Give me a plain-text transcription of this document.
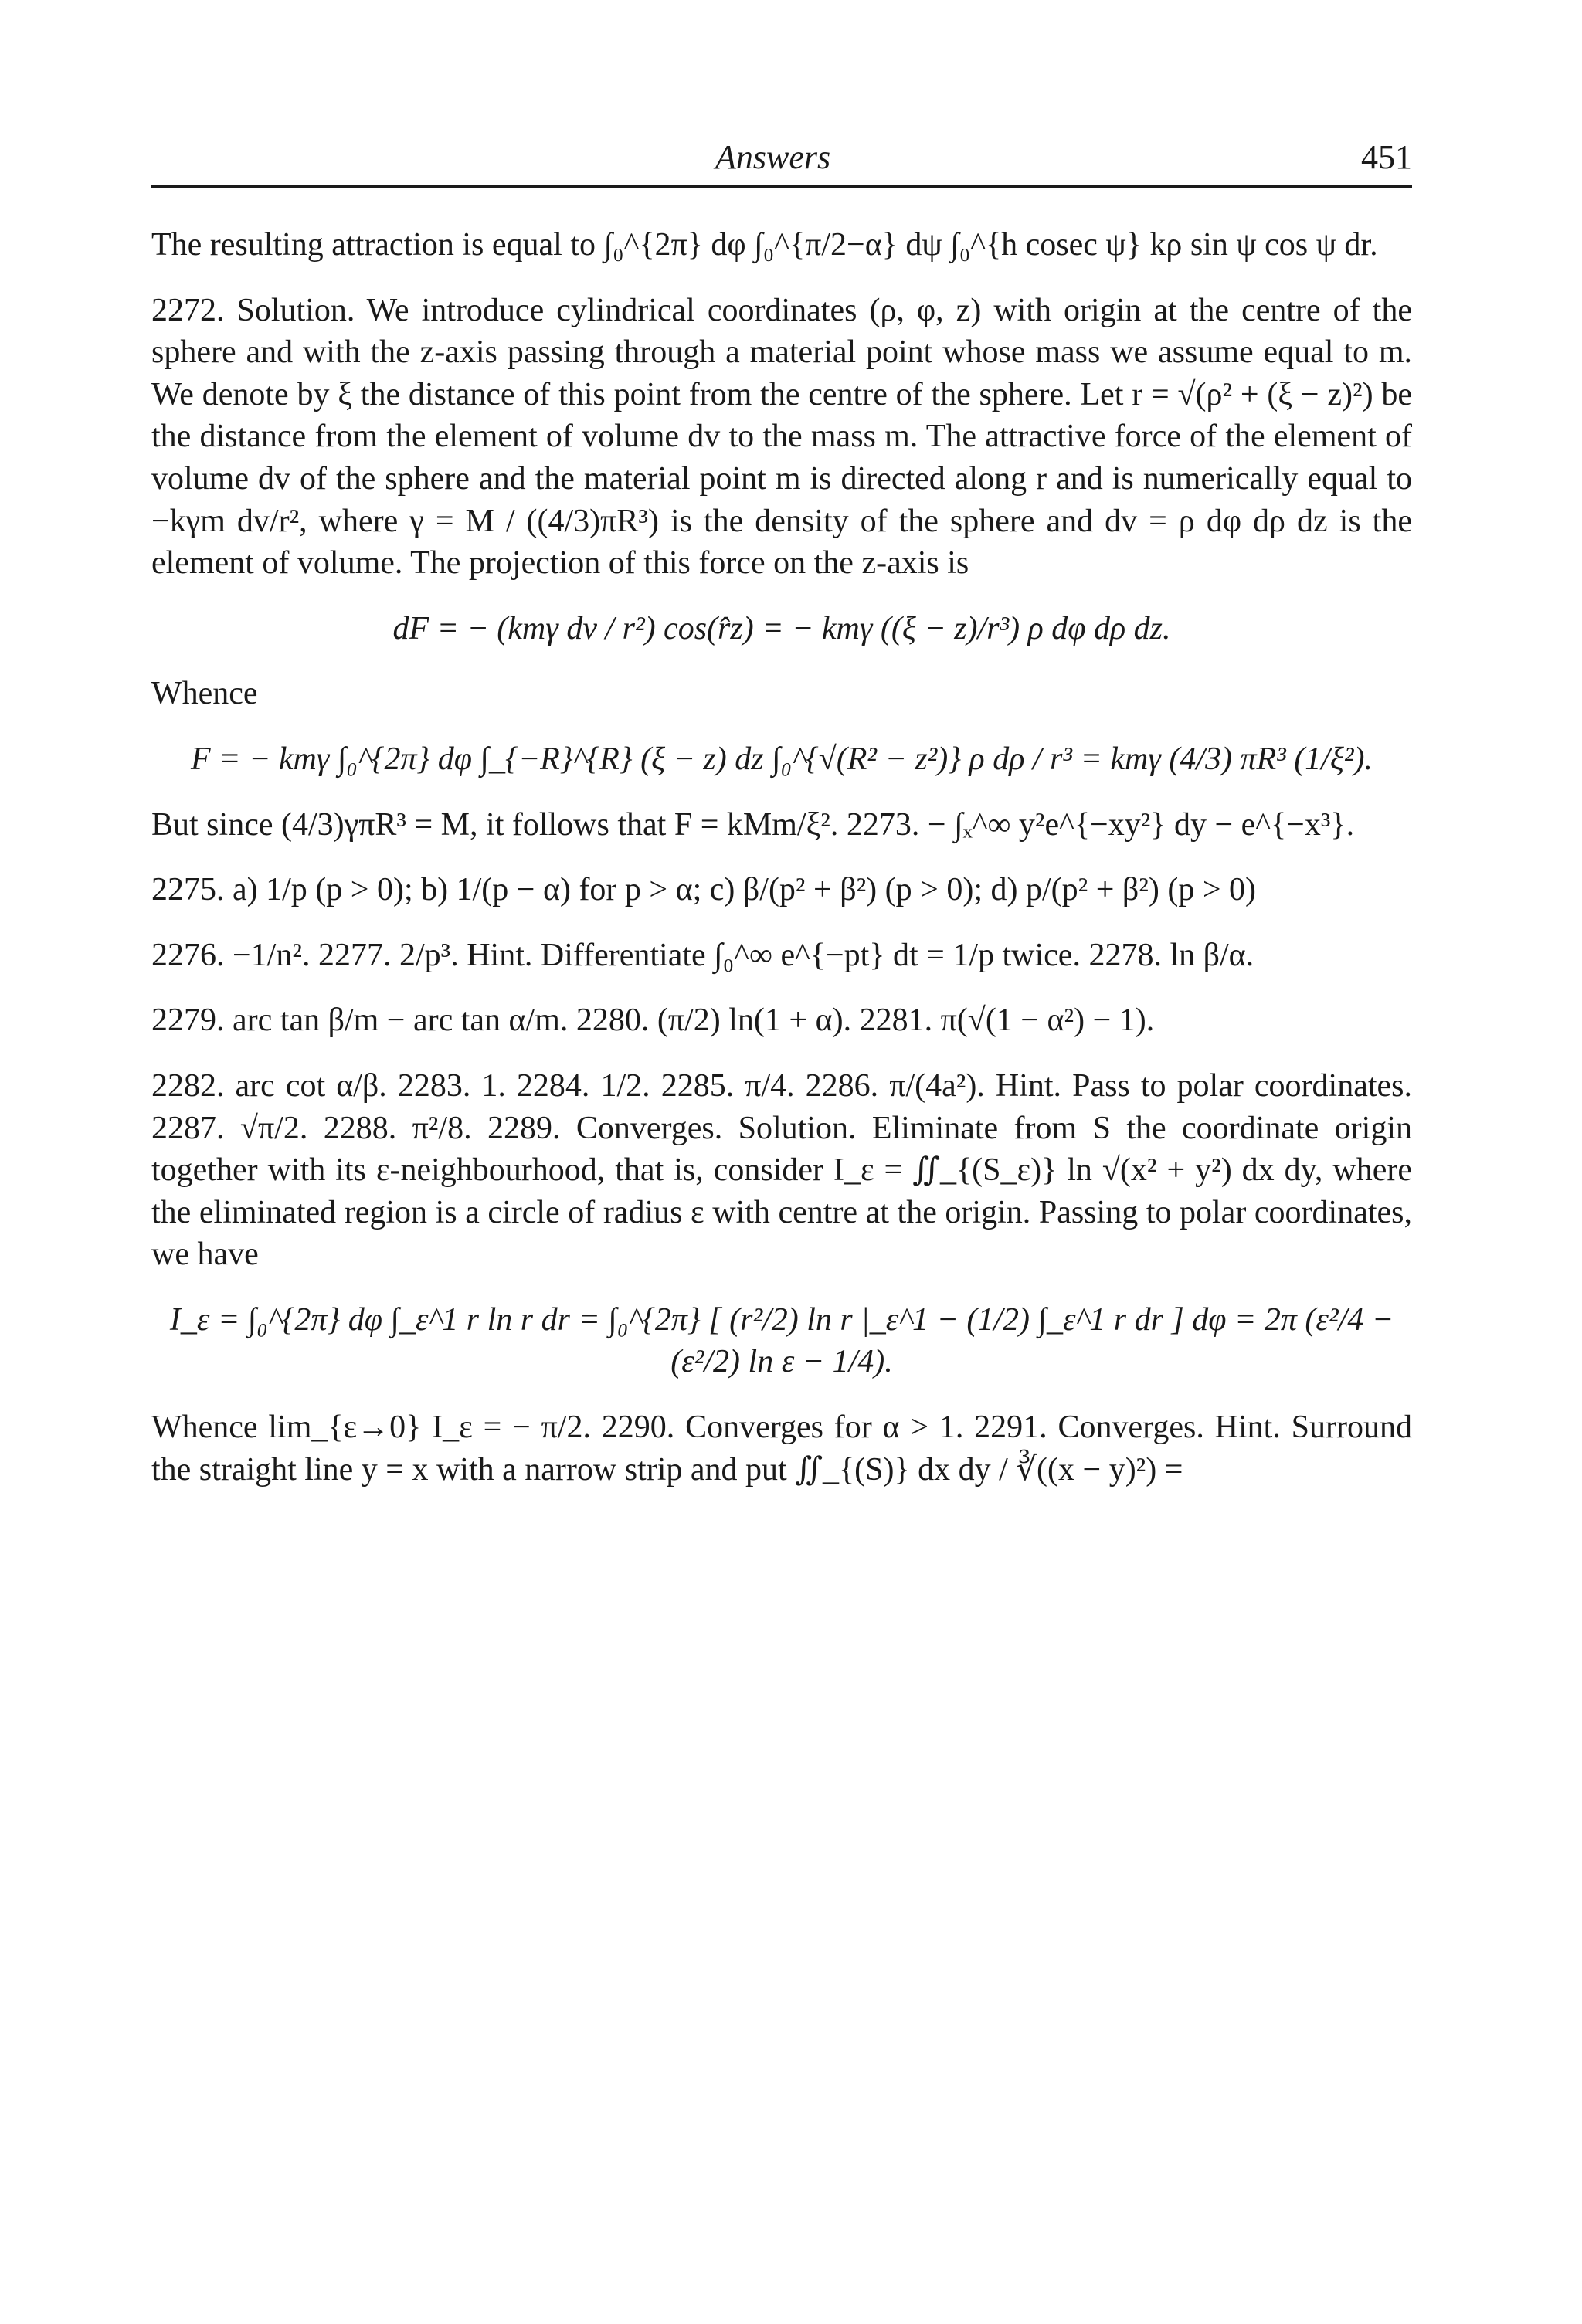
Answers	451

The resulting attraction is equal to ∫₀^{2π} dφ ∫₀^{π/2−α} dψ ∫₀^{h cosec ψ} kρ sin ψ cos ψ dr.

2272. Solution. We introduce cylindrical coordinates (ρ, φ, z) with origin at the centre of the sphere and with the z-axis passing through a material point whose mass we assume equal to m. We denote by ξ the distance of this point from the centre of the sphere. Let r = √(ρ² + (ξ − z)²) be the distance from the element of volume dv to the mass m. The attractive force of the element of volume dv of the sphere and the material point m is directed along r and is numerically equal to −kγm dv/r², where γ = M / ((4/3)πR³) is the density of the sphere and dv = ρ dφ dρ dz is the element of volume. The projection of this force on the z-axis is

dF = − (kmγ dv / r²) cos(r̂z) = − kmγ ((ξ − z)/r³) ρ dφ dρ dz.

Whence

F = − kmγ ∫₀^{2π} dφ ∫_{−R}^{R} (ξ − z) dz ∫₀^{√(R² − z²)} ρ dρ / r³ = kmγ (4/3) πR³ (1/ξ²).

But since (4/3)γπR³ = M, it follows that F = kMm/ξ². 2273. − ∫ₓ^∞ y²e^{−xy²} dy − e^{−x³}.

2275. a) 1/p (p > 0); b) 1/(p − α) for p > α; c) β/(p² + β²) (p > 0); d) p/(p² + β²) (p > 0)

2276. −1/n². 2277. 2/p³. Hint. Differentiate ∫₀^∞ e^{−pt} dt = 1/p twice. 2278. ln β/α.

2279. arc tan β/m − arc tan α/m. 2280. (π/2) ln(1 + α). 2281. π(√(1 − α²) − 1).

2282. arc cot α/β. 2283. 1. 2284. 1/2. 2285. π/4. 2286. π/(4a²). Hint. Pass to polar coordinates. 2287. √π/2. 2288. π²/8. 2289. Converges. Solution. Eliminate from S the coordinate origin together with its ε-neighbourhood, that is, consider I_ε = ∬_{(S_ε)} ln √(x² + y²) dx dy, where the eliminated region is a circle of radius ε with centre at the origin. Passing to polar coordinates, we have

I_ε = ∫₀^{2π} dφ ∫_ε^1 r ln r dr = ∫₀^{2π} [ (r²/2) ln r |_ε^1 − (1/2) ∫_ε^1 r dr ] dφ = 2π (ε²/4 − (ε²/2) ln ε − 1/4).

Whence lim_{ε→0} I_ε = − π/2. 2290. Converges for α > 1. 2291. Converges. Hint. Surround the straight line y = x with a narrow strip and put ∬_{(S)} dx dy / ∛((x − y)²) =
